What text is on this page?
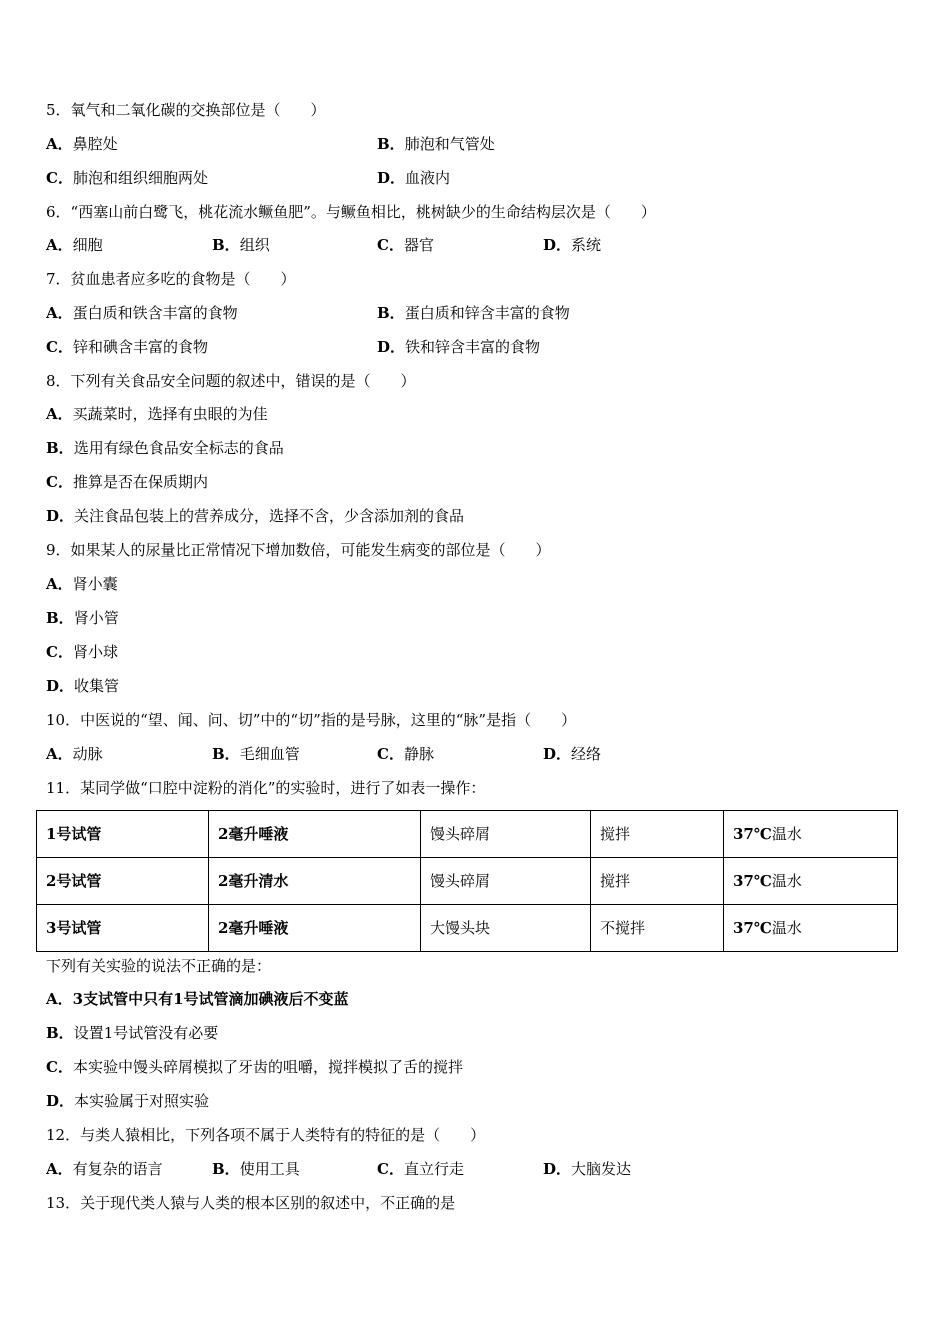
5．氧气和二氧化碳的交换部位是（　　）
A．鼻腔处	B．肺泡和气管处
C．肺泡和组织细胞两处	D．血液内
6．“西塞山前白鹭飞，桃花流水鳜鱼肥”。与鳜鱼相比，桃树缺少的生命结构层次是（　　）
A．细胞	B．组织	C．器官	D．系统
7．贫血患者应多吃的食物是（　　）
A．蛋白质和铁含丰富的食物	B．蛋白质和锌含丰富的食物
C．锌和碘含丰富的食物	D．铁和锌含丰富的食物
8．下列有关食品安全问题的叙述中，错误的是（　　）
A．买蔬菜时，选择有虫眼的为佳
B．选用有绿色食品安全标志的食品
C．推算是否在保质期内
D．关注食品包装上的营养成分，选择不含，少含添加剂的食品
9．如果某人的尿量比正常情况下增加数倍，可能发生病变的部位是（　　）
A．肾小囊
B．肾小管
C．肾小球
D．收集管
10．中医说的“望、闻、问、切”中的“切”指的是号脉，这里的“脉”是指（　　）
A．动脉	B．毛细血管	C．静脉	D．经络
11．某同学做“口腔中淀粉的消化”的实验时，进行了如表一操作：
1号试管	2毫升唾液	馒头碎屑	搅拌	37℃温水
2号试管	2毫升清水	馒头碎屑	搅拌	37℃温水
3号试管	2毫升唾液	大馒头块	不搅拌	37℃温水
下列有关实验的说法不正确的是：
A．3支试管中只有1号试管滴加碘液后不变蓝
B．设置1号试管没有必要
C．本实验中馒头碎屑模拟了牙齿的咀嚼，搅拌模拟了舌的搅拌
D．本实验属于对照实验
12．与类人猿相比，下列各项不属于人类特有的特征的是（　　）
A．有复杂的语言	B．使用工具	C．直立行走	D．大脑发达
13．关于现代类人猿与人类的根本区别的叙述中，不正确的是
